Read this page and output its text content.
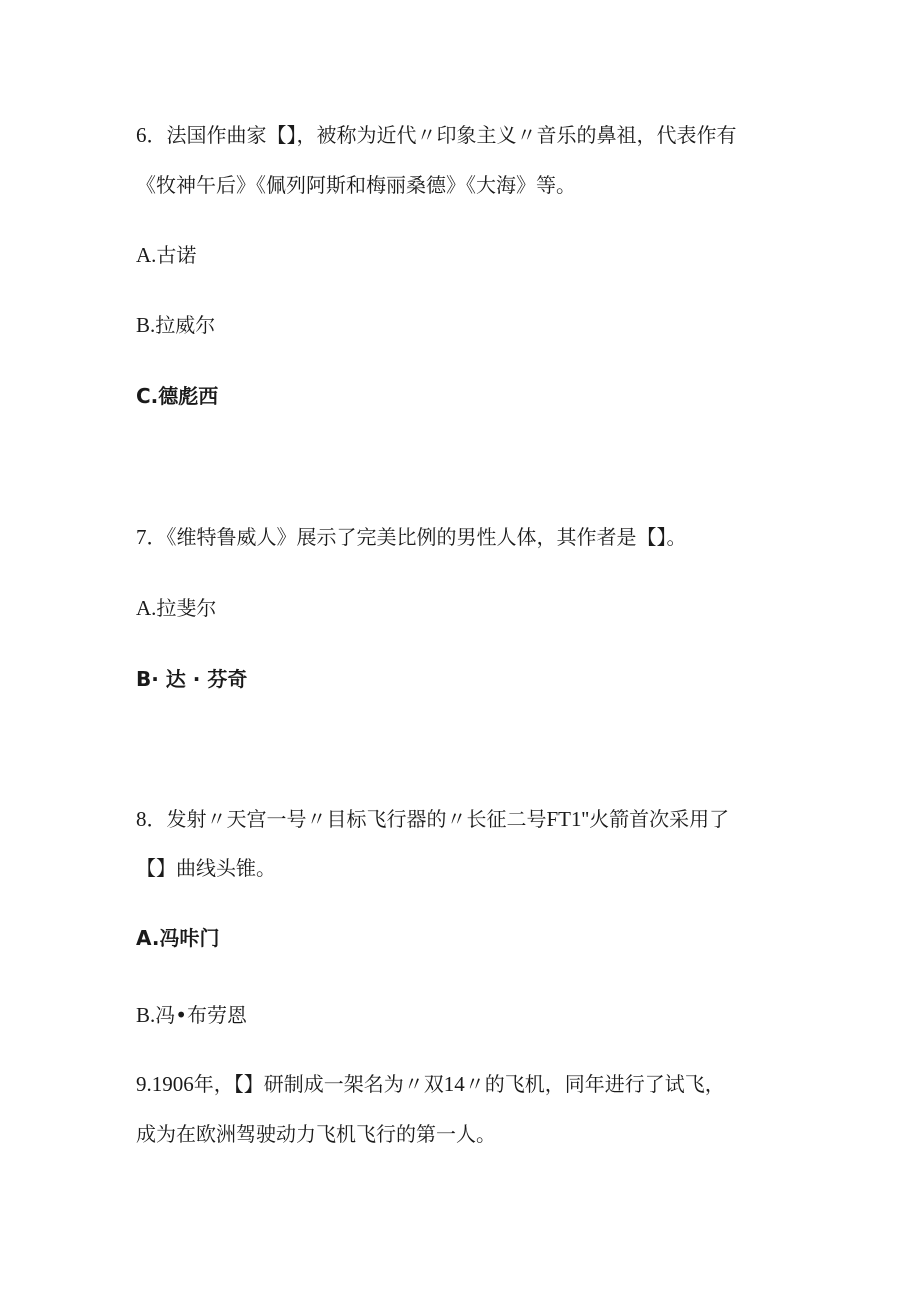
6．法国作曲家【】，被称为近代〃印象主义〃音乐的鼻祖，代表作有
《牧神午后》《佩列阿斯和梅丽桑德》《大海》等。
A.古诺
B.拉威尔
C.德彪西
7．《维特鲁威人》展示了完美比例的男性人体，其作者是【】。
A.拉斐尔
B· 达 · 芬奇
8．发射〃天宫一号〃目标飞行器的〃长征二号FT1''火箭首次采用了
【】曲线头锥。
A.冯咔门
B.冯•布劳恩
9.1906年，【】研制成一架名为〃双14〃的飞机，同年进行了试飞，
成为在欧洲驾驶动力飞机飞行的第一人。
